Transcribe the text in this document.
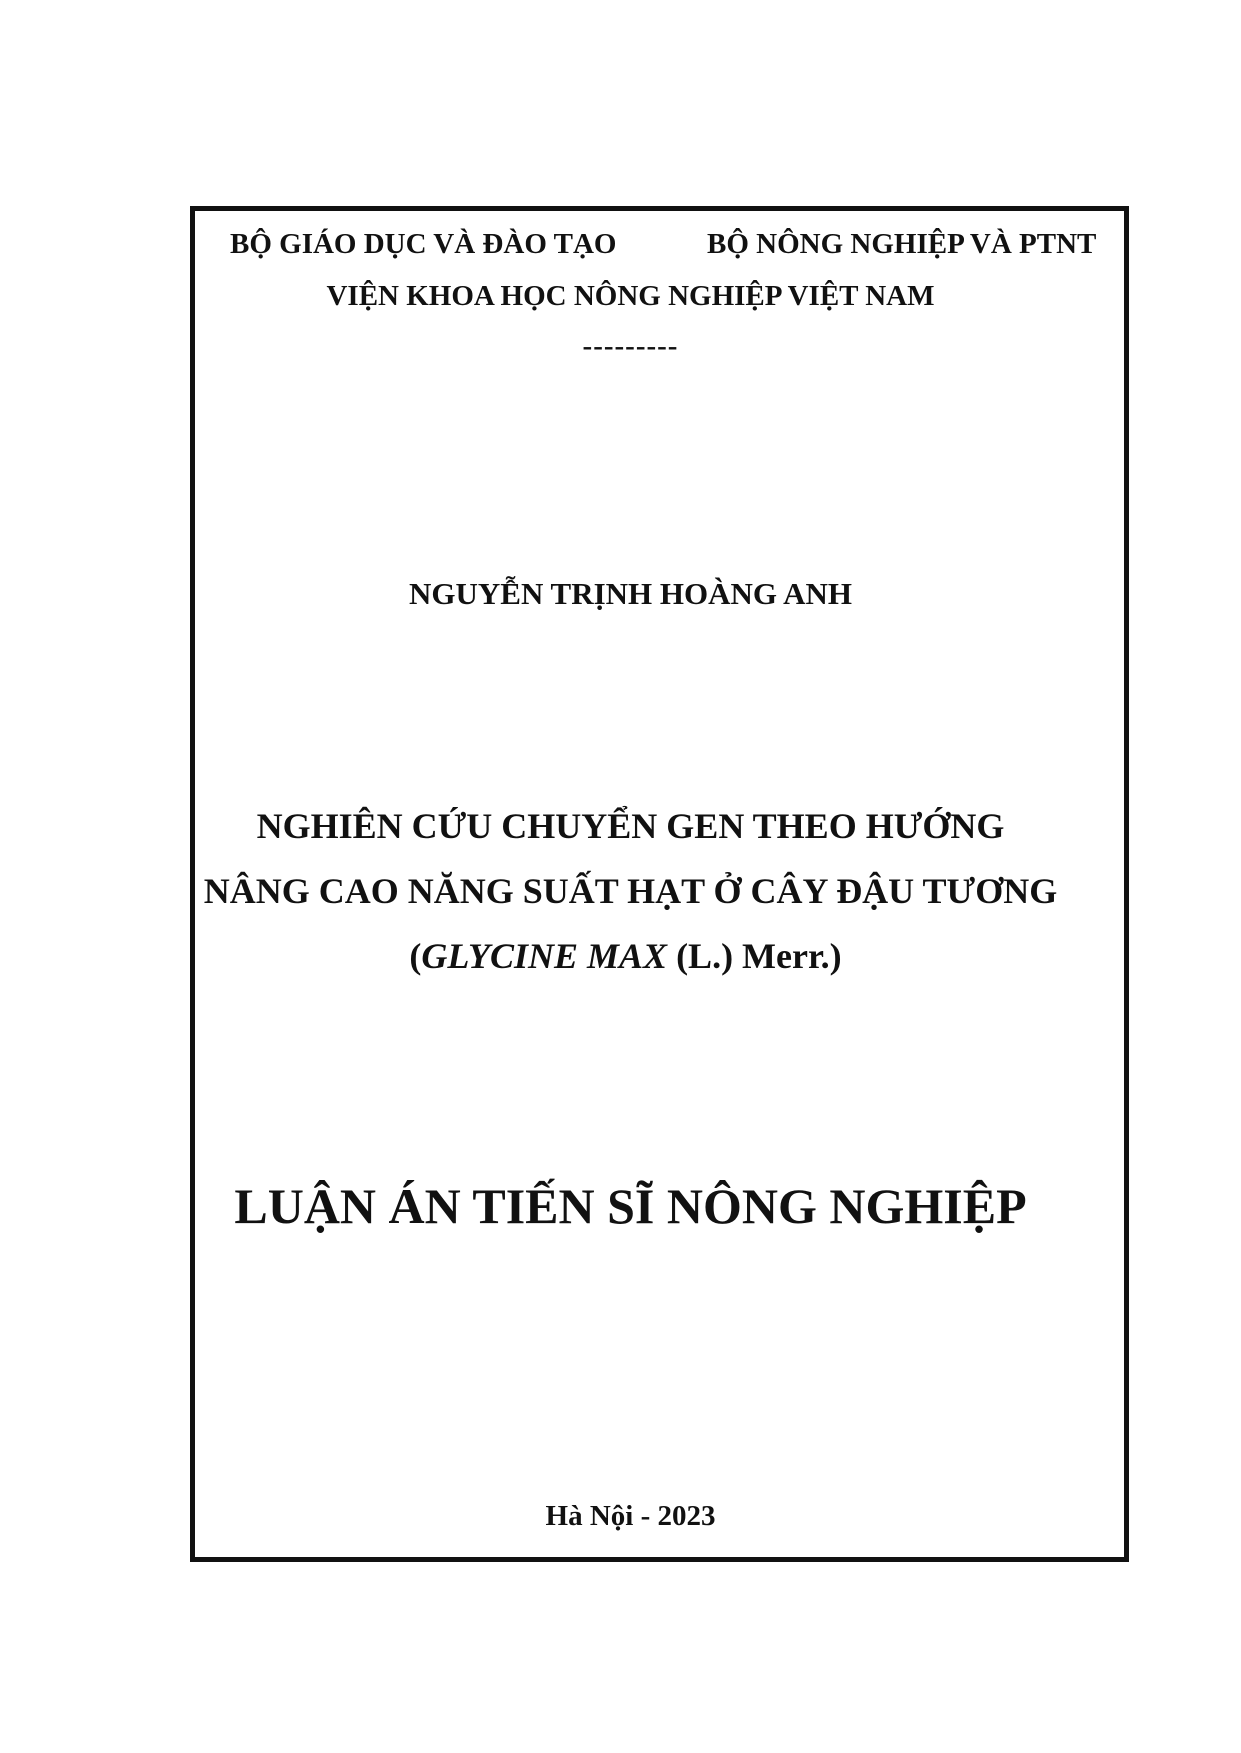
BỘ GIÁO DỤC VÀ ĐÀO TẠO	BỘ NÔNG NGHIỆP VÀ PTNT
VIỆN KHOA HỌC NÔNG NGHIỆP VIỆT NAM
---------
NGUYỄN TRỊNH HOÀNG ANH
NGHIÊN CỨU CHUYỂN GEN THEO HƯỚNG
NÂNG CAO NĂNG SUẤT HẠT Ở CÂY ĐẬU TƯƠNG
(GLYCINE MAX (L.) Merr.)
LUẬN ÁN TIẾN SĨ NÔNG NGHIỆP
Hà Nội - 2023
